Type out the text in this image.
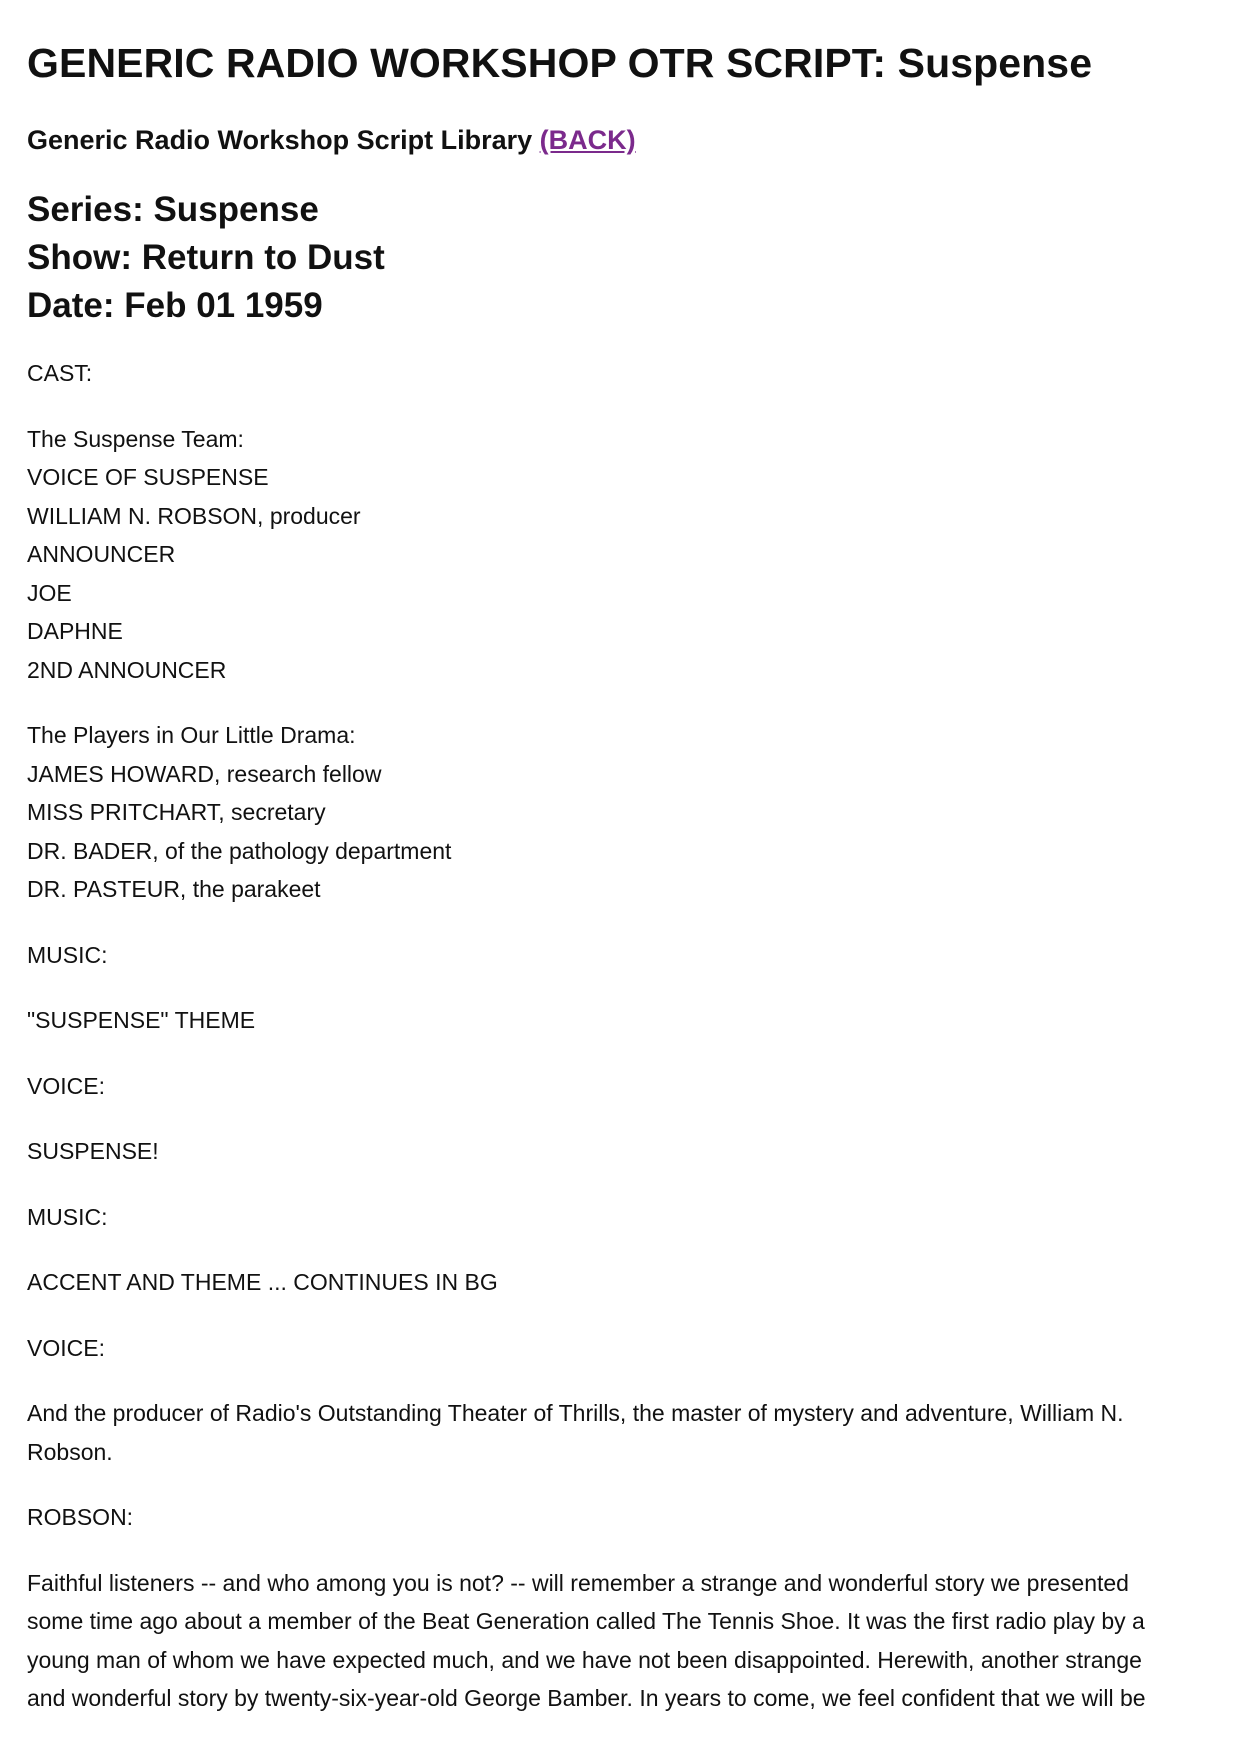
GENERIC RADIO WORKSHOP OTR SCRIPT: Suspense
Generic Radio Workshop Script Library (BACK)
Series: Suspense
Show: Return to Dust
Date: Feb 01 1959
CAST:
The Suspense Team:
VOICE OF SUSPENSE
WILLIAM N. ROBSON, producer
ANNOUNCER
JOE
DAPHNE
2ND ANNOUNCER
The Players in Our Little Drama:
JAMES HOWARD, research fellow
MISS PRITCHART, secretary
DR. BADER, of the pathology department
DR. PASTEUR, the parakeet

MUSIC:

"SUSPENSE" THEME

VOICE:

SUSPENSE!

MUSIC:

ACCENT AND THEME ... CONTINUES IN BG

VOICE:

And the producer of Radio's Outstanding Theater of Thrills, the master of mystery and adventure, William N. Robson.

ROBSON:

Faithful listeners -- and who among you is not? -- will remember a strange and wonderful story we presented some time ago about a member of the Beat Generation called The Tennis Shoe. It was the first radio play by a young man of whom we have expected much, and we have not been disappointed. Herewith, another strange and wonderful story by twenty-six-year-old George Bamber. In years to come, we feel confident that we will be
